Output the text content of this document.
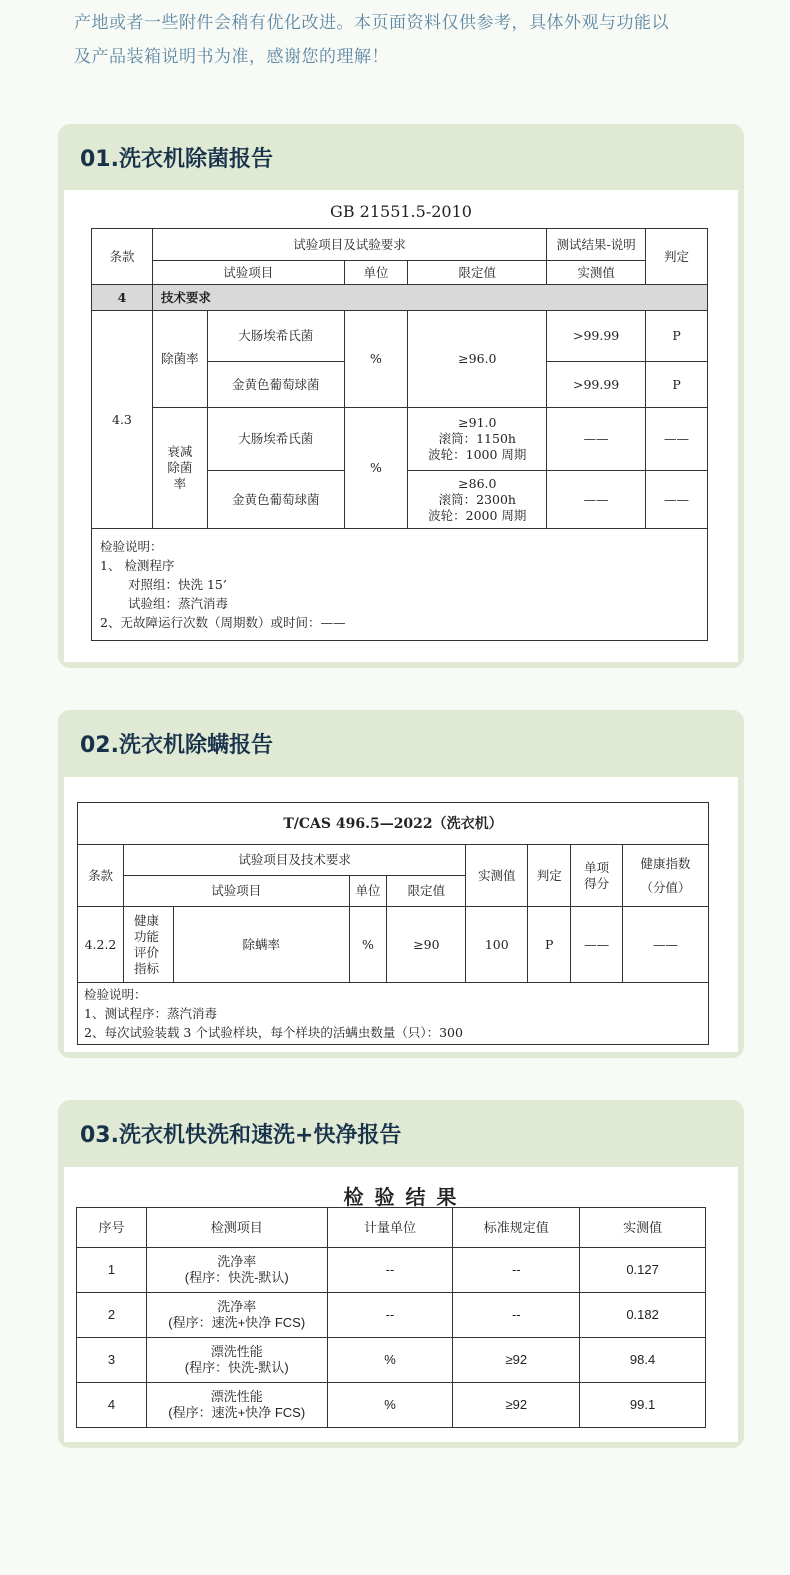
产地或者一些附件会稍有优化改进。本页面资料仅供参考，具体外观与功能以
及产品装箱说明书为准，感谢您的理解！
01.洗衣机除菌报告
GB 21551.5-2010
条款	试验项目及试验要求				测试结果-说明	判定
	试验项目		单位	限定值	实测值	
4	技术要求					
4.3	除菌率	大肠埃希氏菌	%	≥96.0	>99.99	P
		金黄色葡萄球菌			>99.99	P
	衰减除菌率	大肠埃希氏菌	%	≥91.0
滚筒：1150h
波轮：1000 周期	——	——
		金黄色葡萄球菌		≥86.0
滚筒：2300h
波轮：2000 周期	——	——

检验说明：
1、 检测程序
对照组：快洗 15’
试验组：蒸汽消毒
2、无故障运行次数（周期数）或时间：——						
02.洗衣机除螨报告
T/CAS 496.5—2022（洗衣机）								
条款	试验项目及技术要求				实测值	判定	单项得分	健康指数
（分值）

	试验项目		单位	限定值				
4.2.2	健康功能评价指标	除螨率	%	≥90	100	P	——	——

检验说明：
1、测试程序：蒸汽消毒
2、每次试验装载 3 个试验样块，每个样块的活螨虫数量（只）：300								
03.洗衣机快洗和速洗+快净报告
检 验 结 果
序号	检测项目	计量单位	标准规定值	实测值
1	洗净率
(程序：快洗-默认)	--	--	0.127
2	洗净率
(程序：速洗+快净 FCS)	--	--	0.182
3	漂洗性能
(程序：快洗-默认)	%	≥92	98.4
4	漂洗性能
(程序：速洗+快净 FCS)	%	≥92	99.1
